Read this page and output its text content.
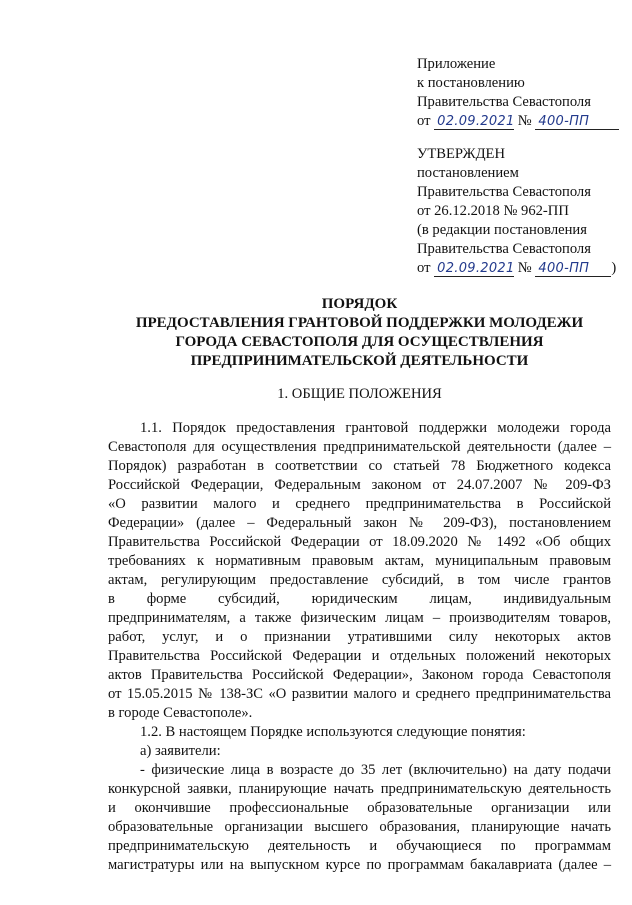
Приложение
к постановлению
Правительства Севастополя
от 02.09.2021 № 400-ПП
УТВЕРЖДЕН
постановлением
Правительства Севастополя
от 26.12.2018 № 962-ПП
(в редакции постановления
Правительства Севастополя
от 02.09.2021 № 400-ПП )
ПОРЯДОК
ПРЕДОСТАВЛЕНИЯ ГРАНТОВОЙ ПОДДЕРЖКИ МОЛОДЕЖИ
ГОРОДА СЕВАСТОПОЛЯ ДЛЯ ОСУЩЕСТВЛЕНИЯ
ПРЕДПРИНИМАТЕЛЬСКОЙ ДЕЯТЕЛЬНОСТИ
1. ОБЩИЕ ПОЛОЖЕНИЯ
1.1. Порядок предоставления грантовой поддержки молодежи города
Севастополя для осуществления предпринимательской деятельности (далее –
Порядок) разработан в соответствии со статьей 78 Бюджетного кодекса
Российской Федерации, Федеральным законом от 24.07.2007 № 209-ФЗ
«О развитии малого и среднего предпринимательства в Российской
Федерации» (далее – Федеральный закон № 209-ФЗ), постановлением
Правительства Российской Федерации от 18.09.2020 № 1492 «Об общих
требованиях к нормативным правовым актам, муниципальным правовым
актам, регулирующим предоставление субсидий, в том числе грантов
в форме субсидий, юридическим лицам, индивидуальным
предпринимателям, а также физическим лицам – производителям товаров,
работ, услуг, и о признании утратившими силу некоторых актов
Правительства Российской Федерации и отдельных положений некоторых
актов Правительства Российской Федерации», Законом города Севастополя
от 15.05.2015 № 138-ЗС «О развитии малого и среднего предпринимательства
в городе Севастополе».
1.2. В настоящем Порядке используются следующие понятия:
а) заявители:
- физические лица в возрасте до 35 лет (включительно) на дату подачи
конкурсной заявки, планирующие начать предпринимательскую деятельность
и окончившие профессиональные образовательные организации или
образовательные организации высшего образования, планирующие начать
предпринимательскую деятельность и обучающиеся по программам
магистратуры или на выпускном курсе по программам бакалавриата (далее –
